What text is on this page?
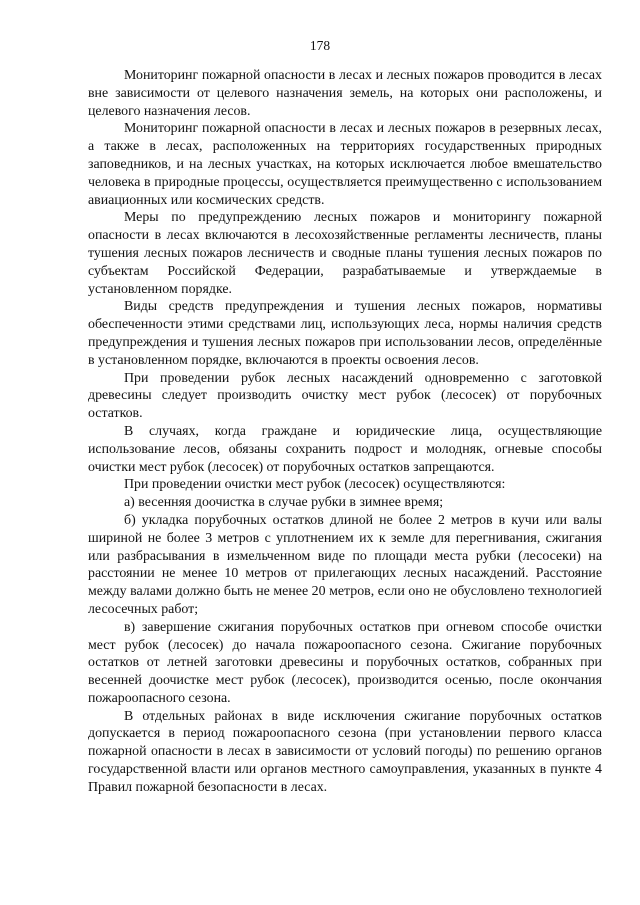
178

Мониторинг пожарной опасности в лесах и лесных пожаров проводится в лесах вне зависимости от целевого назначения земель, на которых они расположены, и целевого назначения лесов.

Мониторинг пожарной опасности в лесах и лесных пожаров в резервных лесах, а также в лесах, расположенных на территориях государственных природных заповедников, и на лесных участках, на которых исключается любое вмешательство человека в природные процессы, осуществляется преимущественно с использованием авиационных или космических средств.

Меры по предупреждению лесных пожаров и мониторингу пожарной опасности в лесах включаются в лесохозяйственные регламенты лесничеств, планы тушения лесных пожаров лесничеств и сводные планы тушения лесных пожаров по субъектам Российской Федерации, разрабатываемые и утверждаемые в установленном порядке.

Виды средств предупреждения и тушения лесных пожаров, нормативы обеспеченности этими средствами лиц, использующих леса, нормы наличия средств предупреждения и тушения лесных пожаров при использовании лесов, определённые в установленном порядке, включаются в проекты освоения лесов.

При проведении рубок лесных насаждений одновременно с заготовкой древесины следует производить очистку мест рубок (лесосек) от порубочных остатков.

В случаях, когда граждане и юридические лица, осуществляющие использование лесов, обязаны сохранить подрост и молодняк, огневые способы очистки мест рубок (лесосек) от порубочных остатков запрещаются.

При проведении очистки мест рубок (лесосек) осуществляются:

а) весенняя доочистка в случае рубки в зимнее время;

б) укладка порубочных остатков длиной не более 2 метров в кучи или валы шириной не более 3 метров с уплотнением их к земле для перегнивания, сжигания или разбрасывания в измельченном виде по площади места рубки (лесосеки) на расстоянии не менее 10 метров от прилегающих лесных насаждений. Расстояние между валами должно быть не менее 20 метров, если оно не обусловлено технологией лесосечных работ;

в) завершение сжигания порубочных остатков при огневом способе очистки мест рубок (лесосек) до начала пожароопасного сезона. Сжигание порубочных остатков от летней заготовки древесины и порубочных остатков, собранных при весенней доочистке мест рубок (лесосек), производится осенью, после окончания пожароопасного сезона.

В отдельных районах в виде исключения сжигание порубочных остатков допускается в период пожароопасного сезона (при установлении первого класса пожарной опасности в лесах в зависимости от условий погоды) по решению органов государственной власти или органов местного самоуправления, указанных в пункте 4 Правил пожарной безопасности в лесах.
